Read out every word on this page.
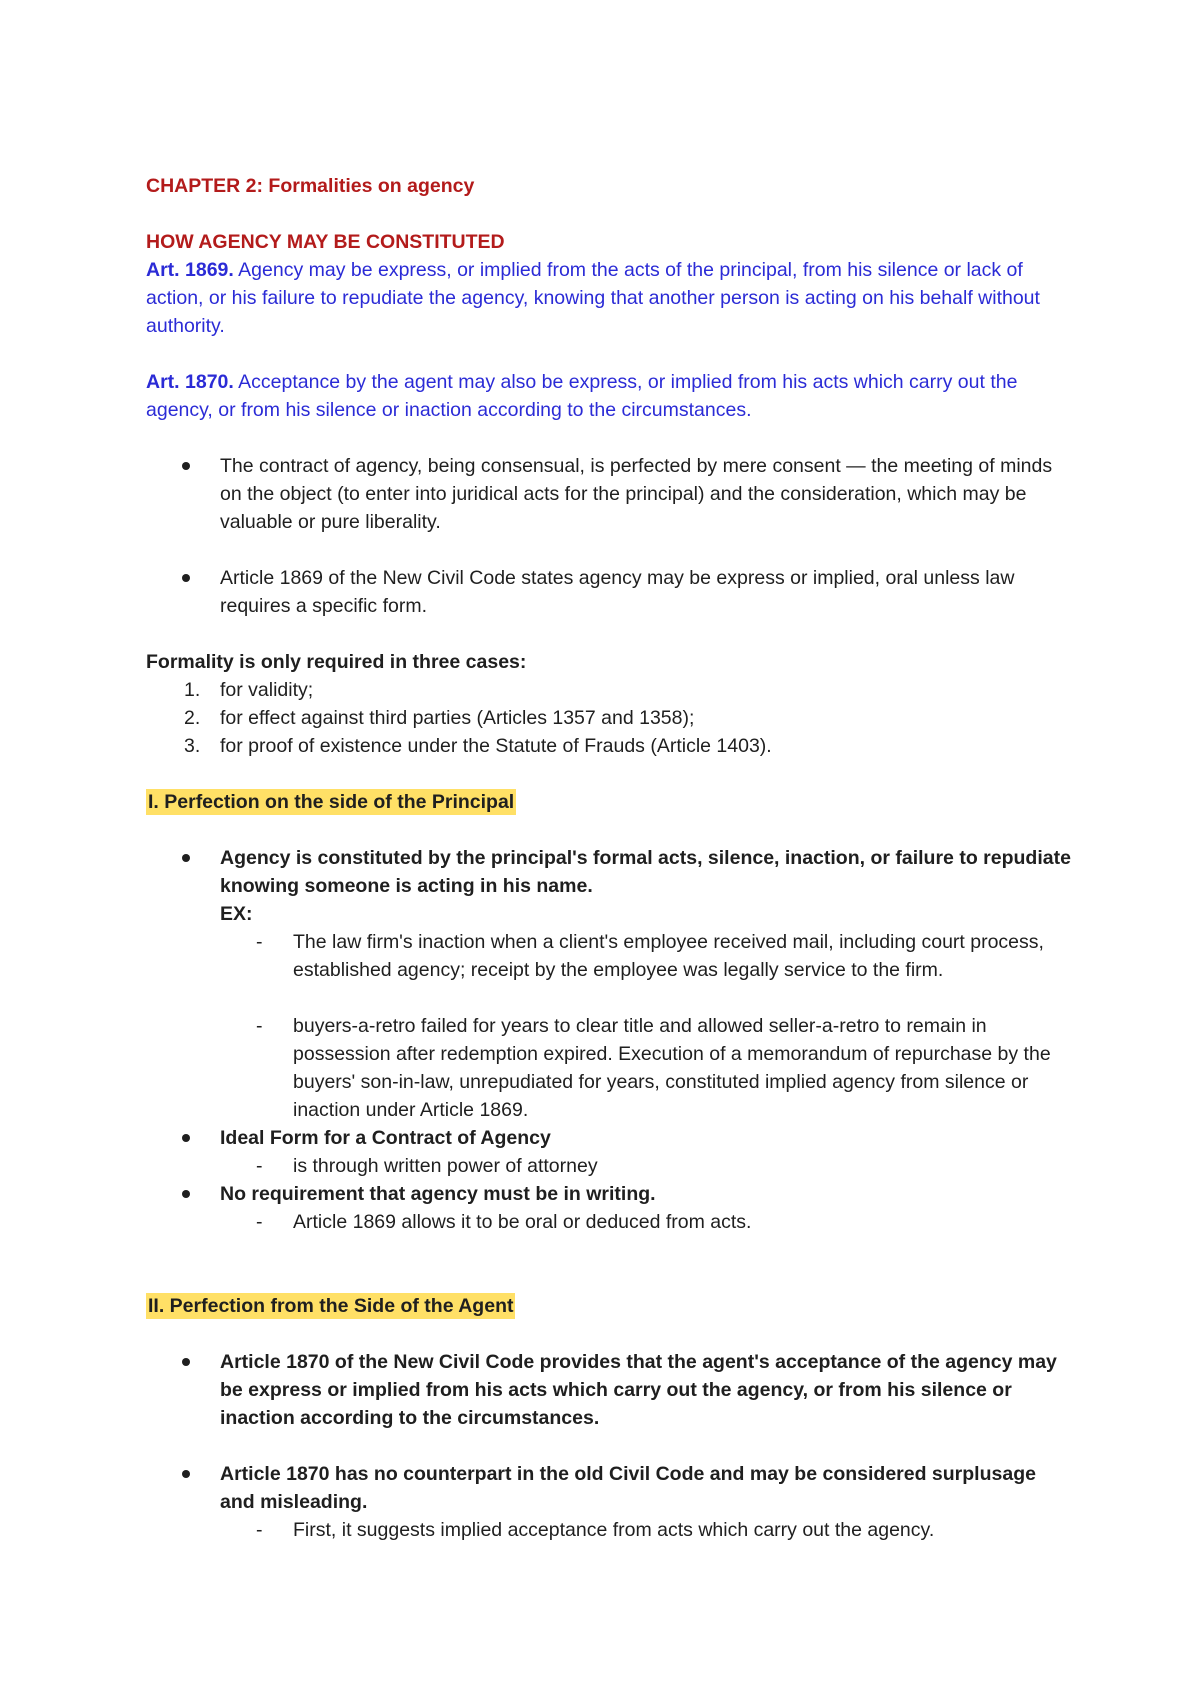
CHAPTER 2: Formalities on agency

HOW AGENCY MAY BE CONSTITUTED

Art. 1869. Agency may be express, or implied from the acts of the principal, from his silence or lack of action, or his failure to repudiate the agency, knowing that another person is acting on his behalf without authority.

Art. 1870. Acceptance by the agent may also be express, or implied from his acts which carry out the agency, or from his silence or inaction according to the circumstances.

The contract of agency, being consensual, is perfected by mere consent — the meeting of minds on the object (to enter into juridical acts for the principal) and the consideration, which may be valuable or pure liberality.
Article 1869 of the New Civil Code states agency may be express or implied, oral unless law requires a specific form.

Formality is only required in three cases:

1. for validity;
2. for effect against third parties (Articles 1357 and 1358);
3. for proof of existence under the Statute of Frauds (Article 1403).

I. Perfection on the side of the Principal

Agency is constituted by the principal's formal acts, silence, inaction, or failure to repudiate knowing someone is acting in his name.
EX:
- The law firm's inaction when a client's employee received mail, including court process, established agency; receipt by the employee was legally service to the firm.
- buyers-a-retro failed for years to clear title and allowed seller-a-retro to remain in possession after redemption expired. Execution of a memorandum of repurchase by the buyers' son-in-law, unrepudiated for years, constituted implied agency from silence or inaction under Article 1869.
Ideal Form for a Contract of Agency
- is through written power of attorney
No requirement that agency must be in writing.
- Article 1869 allows it to be oral or deduced from acts.

II. Perfection from the Side of the Agent

Article 1870 of the New Civil Code provides that the agent's acceptance of the agency may be express or implied from his acts which carry out the agency, or from his silence or inaction according to the circumstances.
Article 1870 has no counterpart in the old Civil Code and may be considered surplusage and misleading.
- First, it suggests implied acceptance from acts which carry out the agency.
